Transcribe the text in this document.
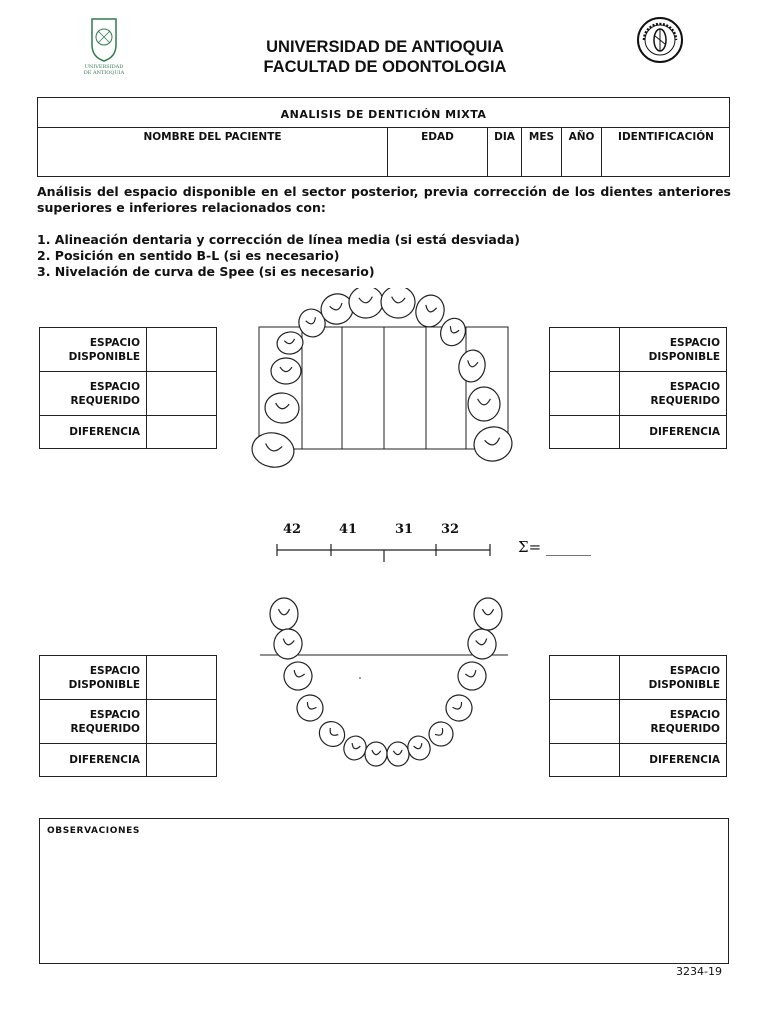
UNIVERSIDAD
DE ANTIOQUIA
UNIVERSIDAD DE ANTIOQUIA
FACULTAD DE ODONTOLOGIA
ANALISIS DE DENTICIÓN MIXTA
NOMBRE DEL PACIENTE	EDAD	DIA	MES	AÑO	IDENTIFICACIÓN
Análisis del espacio disponible en el sector posterior, previa corrección de los dientes anteriores superiores e inferiores relacionados con:
1. Alineación dentaria y corrección de línea media (si está desviada)
2. Posición en sentido B-L (si es necesario)
3. Nivelación de curva de Spee (si es necesario)
ESPACIO
DISPONIBLE	
ESPACIO
REQUERIDO	
DIFERENCIA	
	ESPACIO
DISPONIBLE
	ESPACIO
REQUERIDO
	DIFERENCIA
ESPACIO
DISPONIBLE	
ESPACIO
REQUERIDO	
DIFERENCIA	
	ESPACIO
DISPONIBLE
	ESPACIO
REQUERIDO
	DIFERENCIA
42	41	31 32
Σ= ______
OBSERVACIONES
3234-19
